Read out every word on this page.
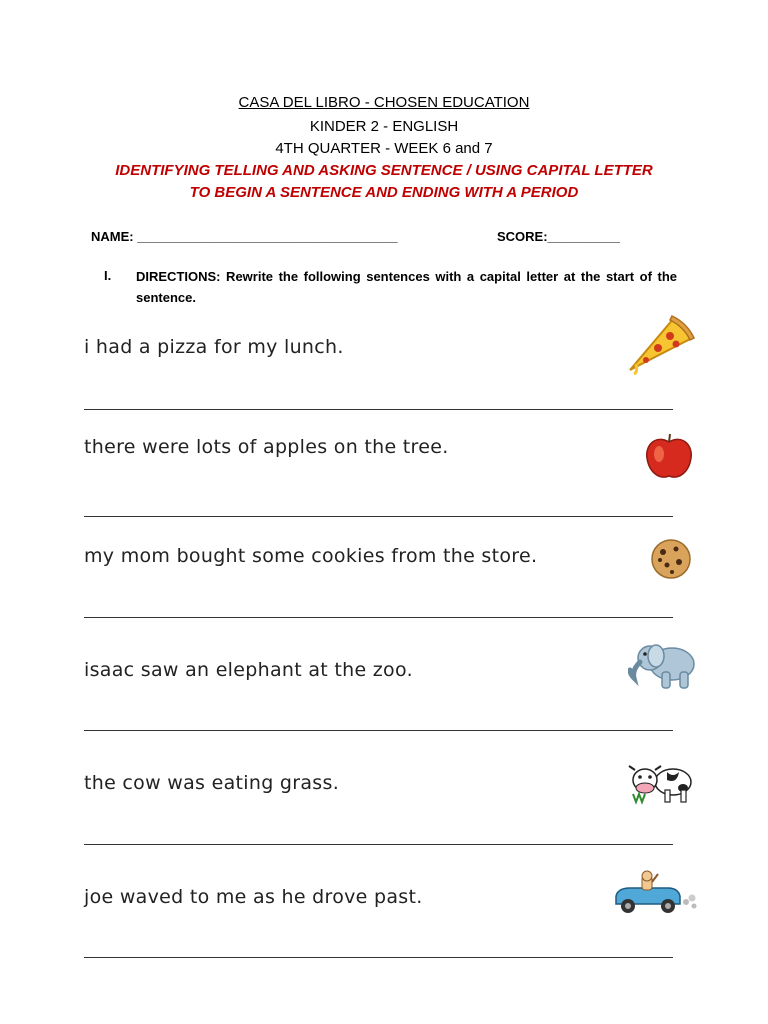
CASA DEL LIBRO - CHOSEN EDUCATION
KINDER 2 - ENGLISH
4TH QUARTER - WEEK 6 and 7
IDENTIFYING TELLING AND ASKING SENTENCE / USING CAPITAL LETTER
TO BEGIN A SENTENCE AND ENDING WITH A PERIOD
NAME: ____________________________________	SCORE:__________
I. DIRECTIONS: Rewrite the following sentences with a capital letter at the start of the sentence.
i had a pizza for my lunch.
there were lots of apples on the tree.
my mom bought some cookies from the store.
isaac saw an elephant at the zoo.
the cow was eating grass.
joe waved to me as he drove past.
